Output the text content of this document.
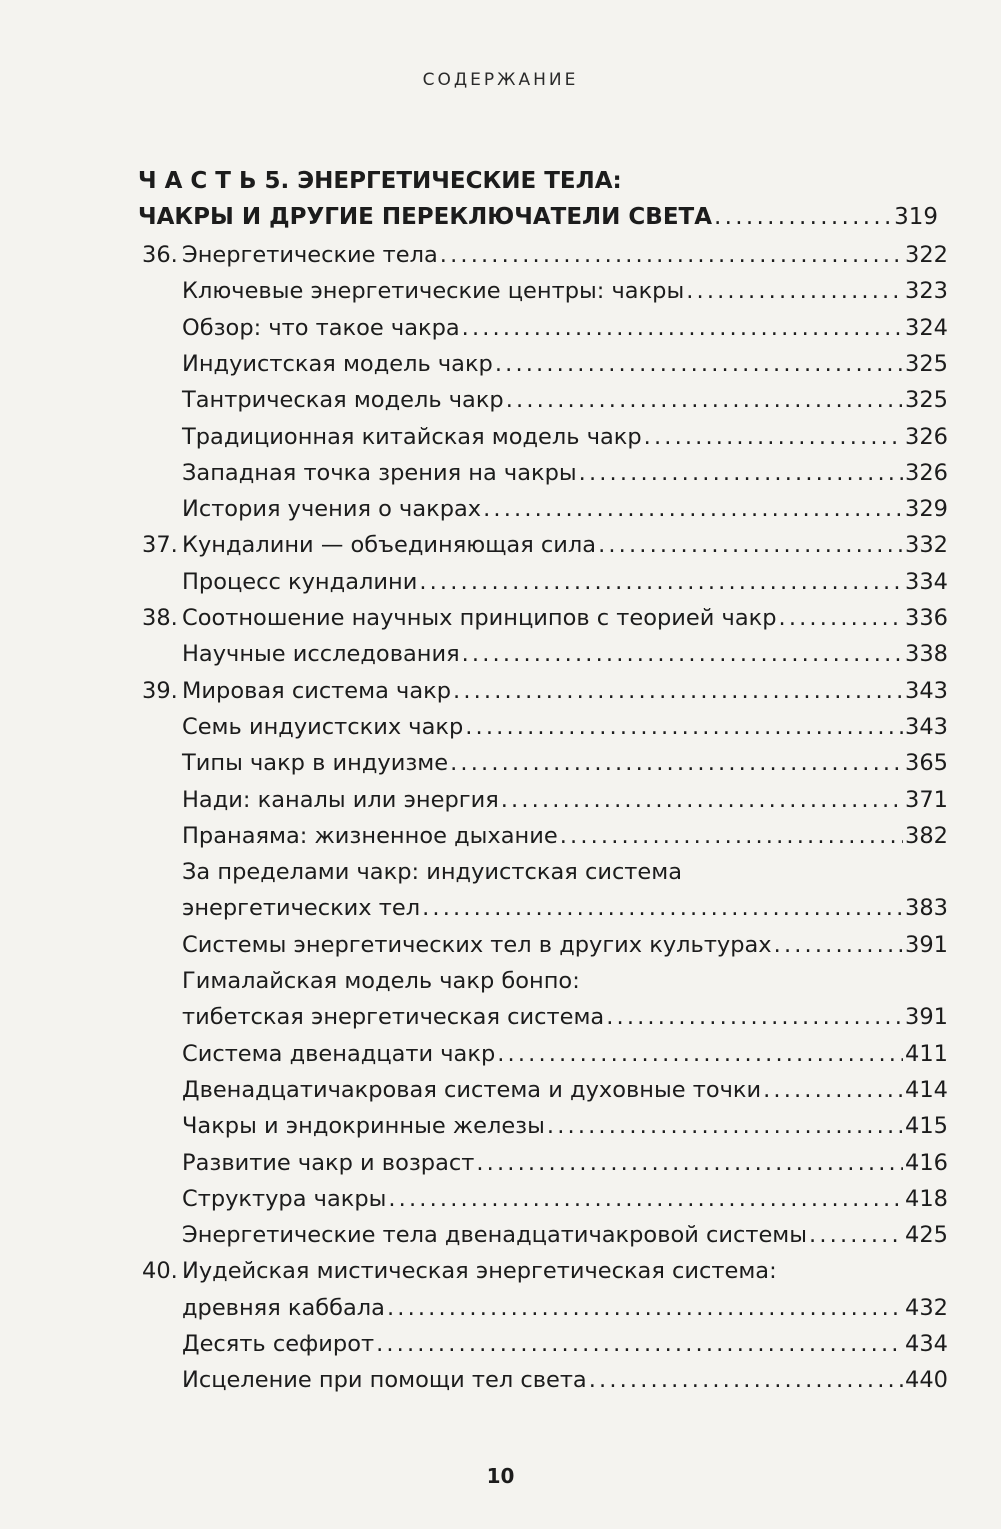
СОДЕРЖАНИЕ
Ч А С Т Ь 5. ЭНЕРГЕТИЧЕСКИЕ ТЕЛА:
ЧАКРЫ И ДРУГИЕ ПЕРЕКЛЮЧАТЕЛИ СВЕТА . . .	319
36. Энергетические тела . . .	322
Ключевые энергетические центры: чакры . . .	323
Обзор: что такое чакра . . .	324
Индуистская модель чакр . . .	325
Тантрическая модель чакр . . .	325
Традиционная китайская модель чакр . . .	326
Западная точка зрения на чакры . . .	326
История учения о чакрах . . .	329
37. Кундалини — объединяющая сила . . .	332
Процесс кундалини . . .	334
38. Соотношение научных принципов с теорией чакр . . .	336
Научные исследования . . .	338
39. Мировая система чакр . . .	343
Семь индуистских чакр . . .	343
Типы чакр в индуизме . . .	365
Нади: каналы или энергия . . .	371
Пранаяма: жизненное дыхание . . .	382
За пределами чакр: индуистская система
энергетических тел . . .	383
Системы энергетических тел в других культурах . . .	391
Гималайская модель чакр бонпо:
тибетская энергетическая система . . .	391
Система двенадцати чакр . . .	411
Двенадцатичакровая система и духовные точки . . .	414
Чакры и эндокринные железы . . .	415
Развитие чакр и возраст . . .	416
Структура чакры . . .	418
Энергетические тела двенадцатичакровой системы . . .	425
40. Иудейская мистическая энергетическая система:
древняя каббала . . .	432
Десять сефирот . . .	434
Исцеление при помощи тел света . . .	440
10
